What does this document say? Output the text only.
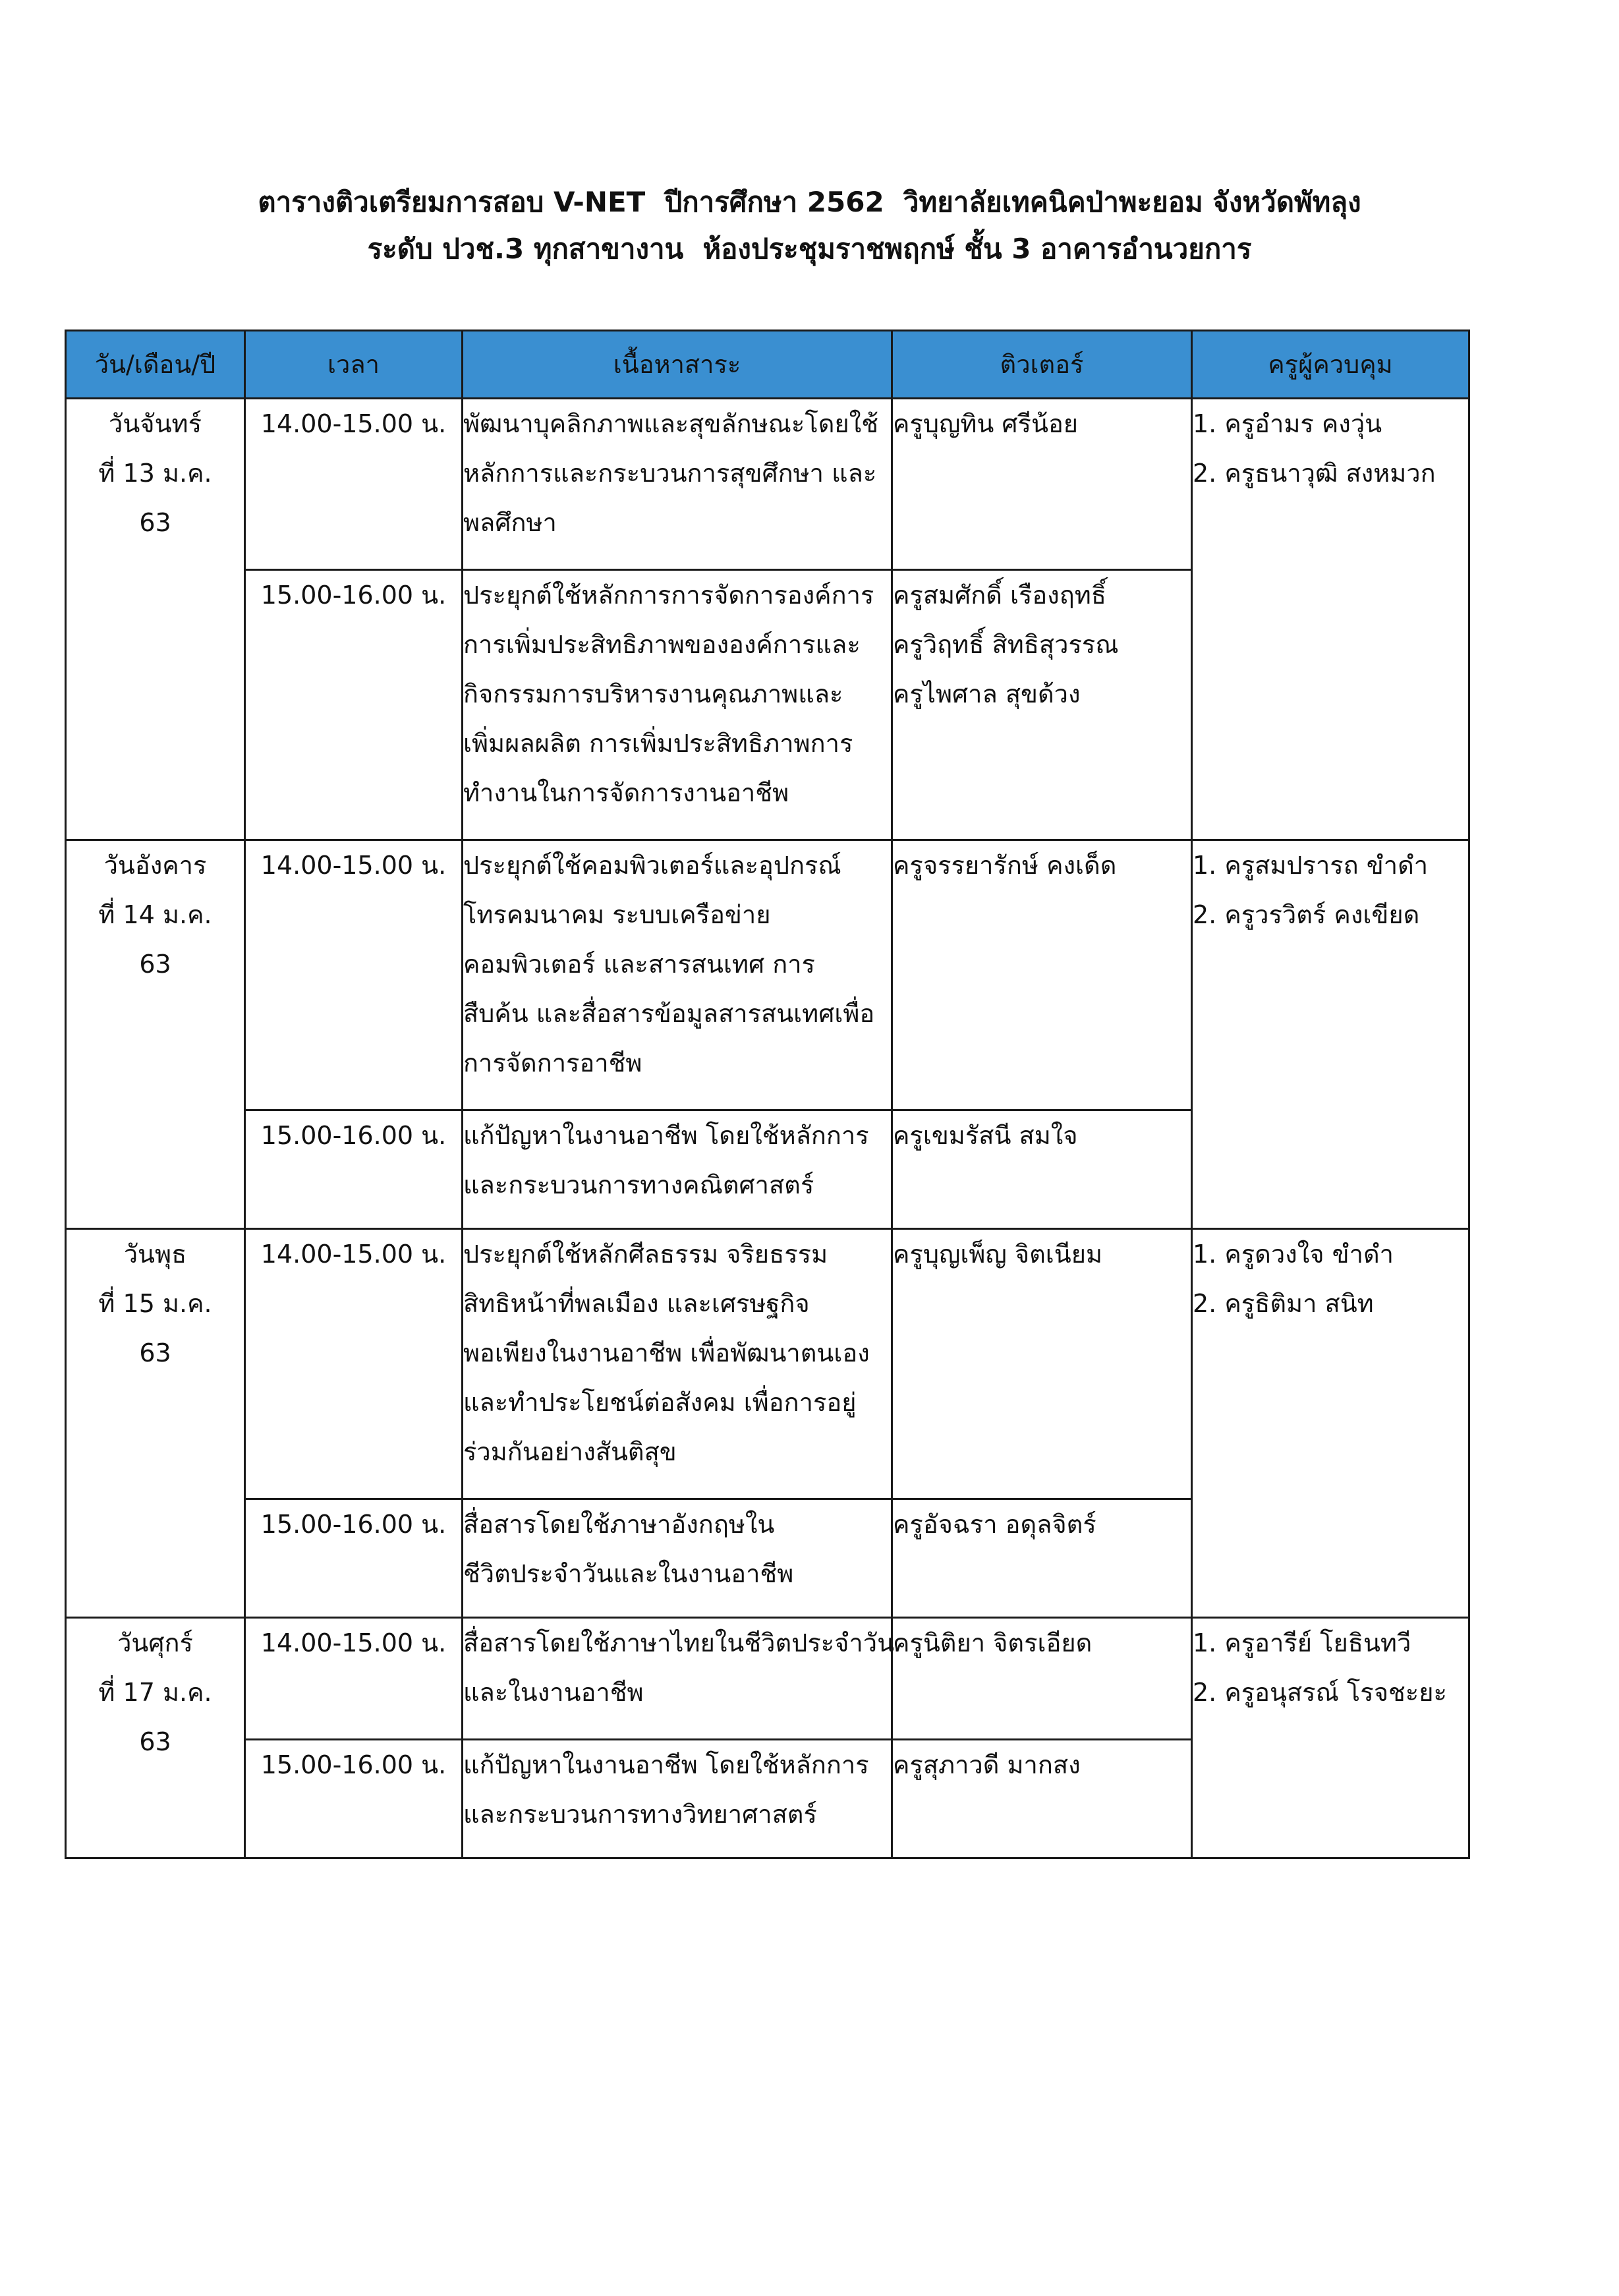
ตารางติวเตรียมการสอบ V-NET  ปีการศึกษา 2562  วิทยาลัยเทคนิคป่าพะยอม จังหวัดพัทลุง
ระดับ ปวช.3 ทุกสาขางาน  ห้องประชุมราชพฤกษ์ ชั้น 3 อาคารอำนวยการ
วัน/เดือน/ปี	เวลา	เนื้อหาสาระ	ติวเตอร์	ครูผู้ควบคุม

วันจันทร์
ที่ 13 ม.ค.
63	14.00-15.00 น.	พัฒนาบุคลิกภาพและสุขลักษณะโดยใช้
หลักการและกระบวนการสุขศึกษา และ
พลศึกษา	ครูบุญทิน ศรีน้อย	1. ครูอำมร คงวุ่น
2. ครูธนาวุฒิ สงหมวก

	15.00-16.00 น.	ประยุกต์ใช้หลักการการจัดการองค์การ
การเพิ่มประสิทธิภาพขององค์การและ
กิจกรรมการบริหารงานคุณภาพและ
เพิ่มผลผลิต การเพิ่มประสิทธิภาพการ
ทำงานในการจัดการงานอาชีพ	ครูสมศักดิ์ เรืองฤทธิ์
ครูวิฤทธิ์ สิทธิสุวรรณ
ครูไพศาล สุขด้วง	

วันอังคาร
ที่ 14 ม.ค.
63	14.00-15.00 น.	ประยุกต์ใช้คอมพิวเตอร์และอุปกรณ์
โทรคมนาคม ระบบเครือข่าย
คอมพิวเตอร์ และสารสนเทศ การ
สืบค้น และสื่อสารข้อมูลสารสนเทศเพื่อ
การจัดการอาชีพ	ครูจรรยารักษ์ คงเด็ด	1. ครูสมปรารถ ขำดำ
2. ครูวรวิตร์ คงเขียด

	15.00-16.00 น.	แก้ปัญหาในงานอาชีพ โดยใช้หลักการ
และกระบวนการทางคณิตศาสตร์	ครูเขมรัสนี สมใจ	

วันพุธ
ที่ 15 ม.ค.
63	14.00-15.00 น.	ประยุกต์ใช้หลักศีลธรรม จริยธรรม
สิทธิหน้าที่พลเมือง และเศรษฐกิจ
พอเพียงในงานอาชีพ เพื่อพัฒนาตนเอง
และทำประโยชน์ต่อสังคม เพื่อการอยู่
ร่วมกันอย่างสันติสุข	ครูบุญเพ็ญ จิตเนียม	1. ครูดวงใจ ขำดำ
2. ครูธิติมา สนิท

	15.00-16.00 น.	สื่อสารโดยใช้ภาษาอังกฤษใน
ชีวิตประจำวันและในงานอาชีพ	ครูอัจฉรา อดุลจิตร์	

วันศุกร์
ที่ 17 ม.ค.
63	14.00-15.00 น.	สื่อสารโดยใช้ภาษาไทยในชีวิตประจำวัน
และในงานอาชีพ	ครูนิติยา จิตรเอียด	1. ครูอารีย์ โยธินทวี
2. ครูอนุสรณ์ โรจชะยะ

	15.00-16.00 น.	แก้ปัญหาในงานอาชีพ โดยใช้หลักการ
และกระบวนการทางวิทยาศาสตร์	ครูสุภาวดี มากสง	
